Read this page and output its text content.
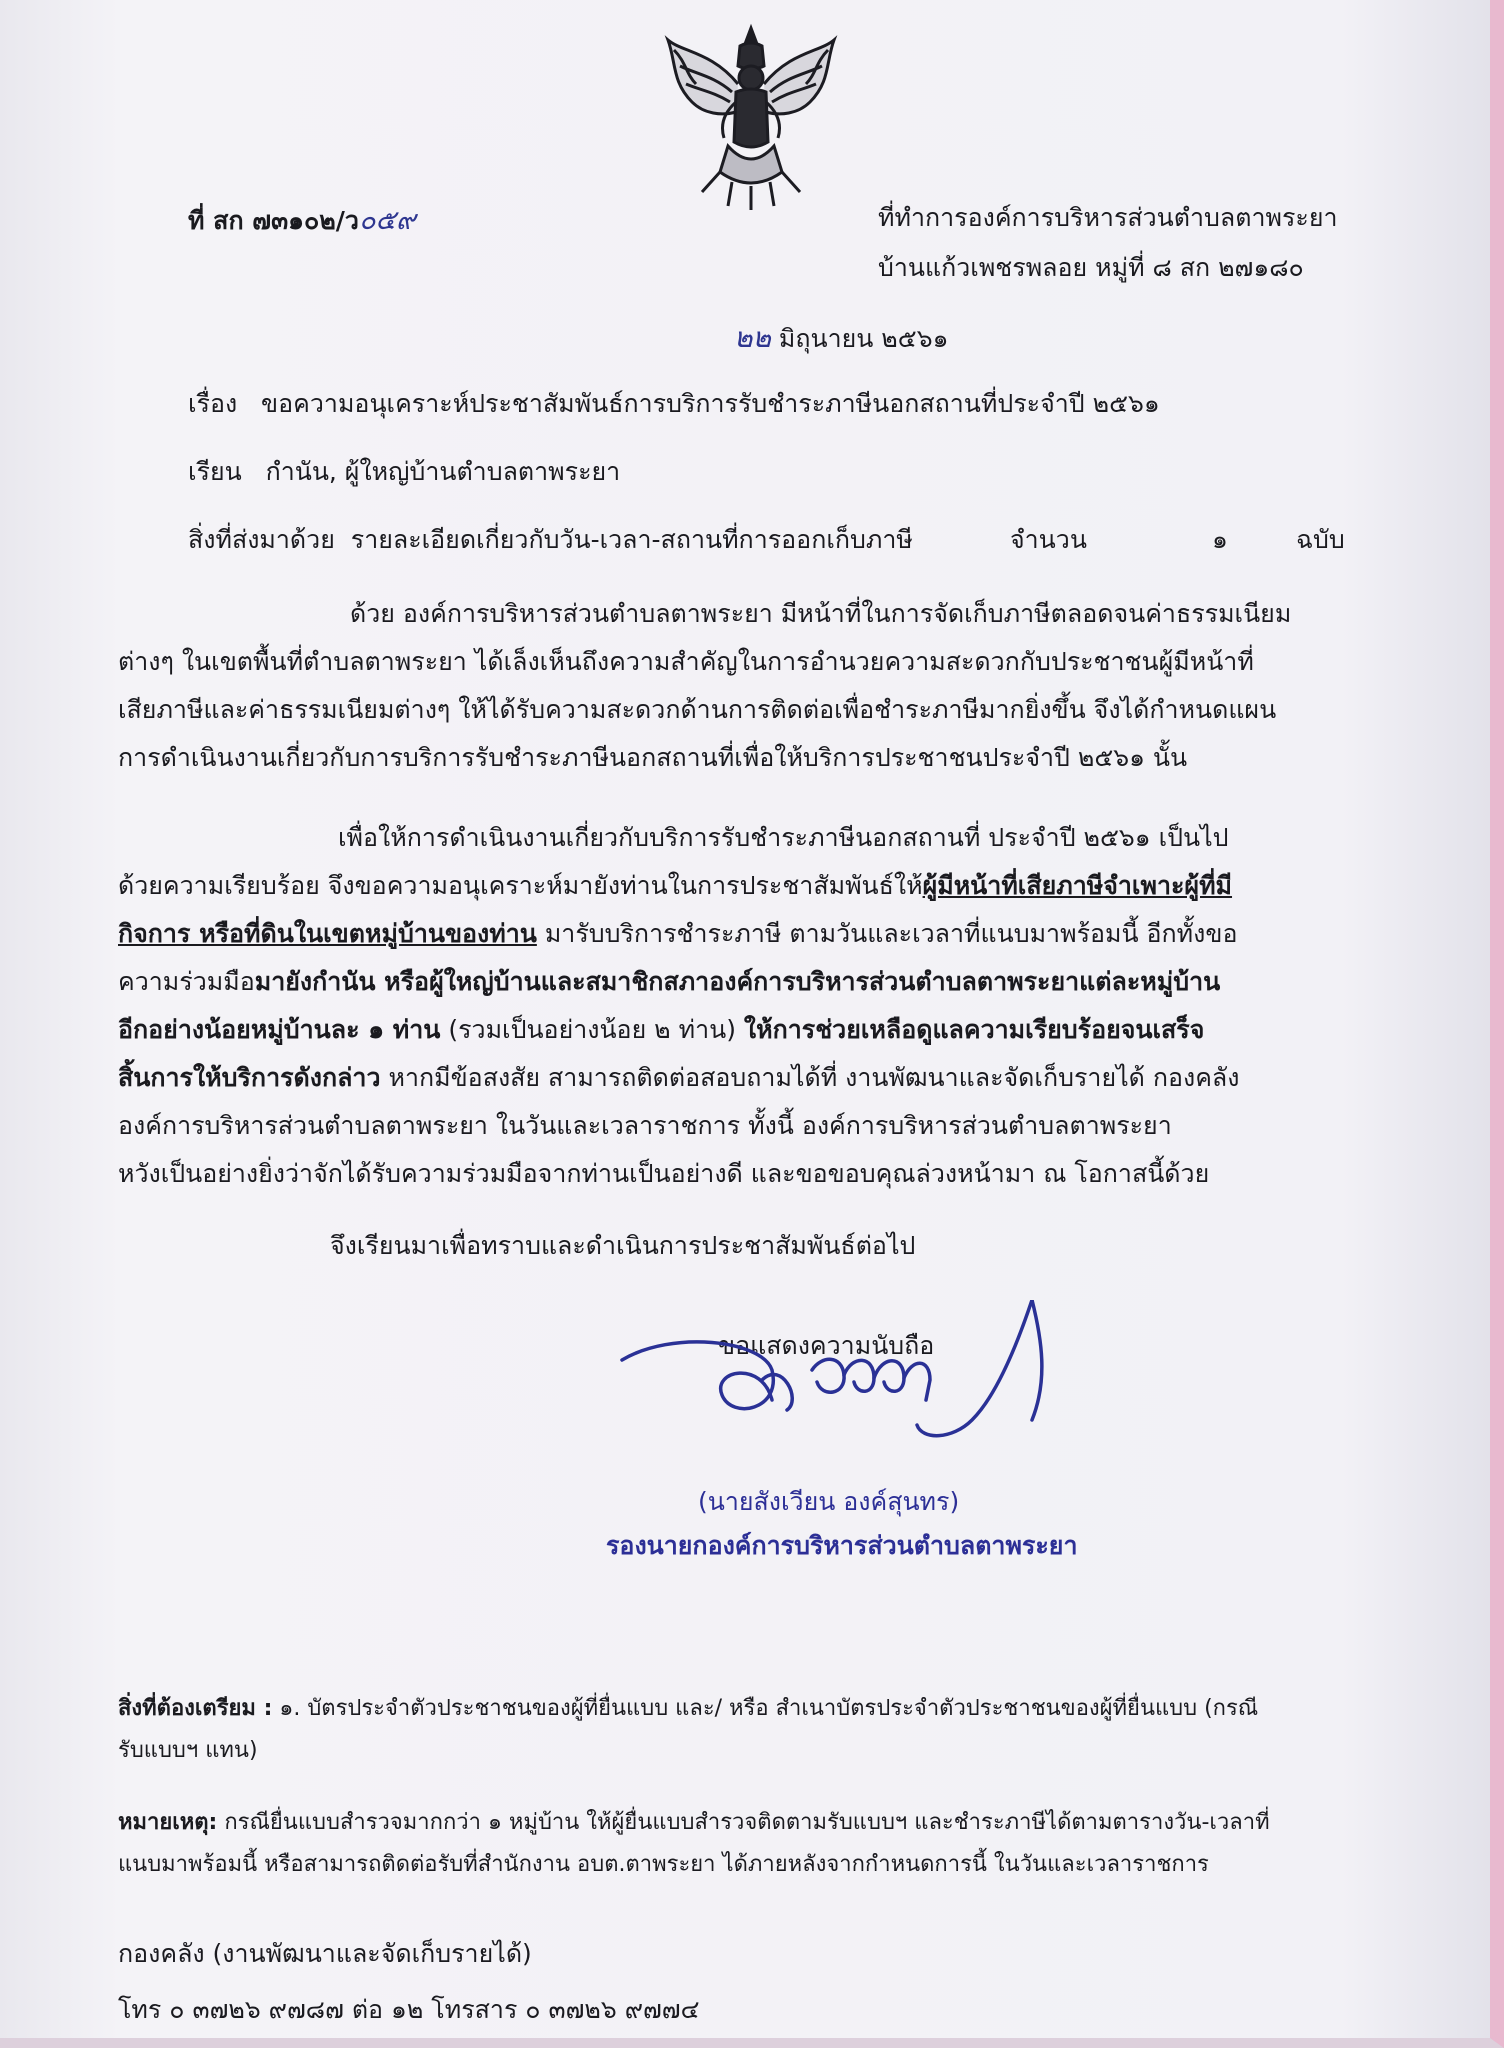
ที่ สก ๗๓๑๐๒/ว๐๕๙	ที่ทำการองค์การบริหารส่วนตำบลตาพระยา
บ้านแก้วเพชรพลอย หมู่ที่ ๘ สก ๒๗๑๘๐
๒๒ มิถุนายน ๒๕๖๑
เรื่อง ขอความอนุเคราะห์ประชาสัมพันธ์การบริการรับชำระภาษีนอกสถานที่ประจำปี ๒๕๖๑
เรียน กำนัน, ผู้ใหญ่บ้านตำบลตาพระยา
สิ่งที่ส่งมาด้วย รายละเอียดเกี่ยวกับวัน-เวลา-สถานที่การออกเก็บภาษี	จำนวน	๑	ฉบับ
ด้วย องค์การบริหารส่วนตำบลตาพระยา มีหน้าที่ในการจัดเก็บภาษีตลอดจนค่าธรรมเนียม
ต่างๆ ในเขตพื้นที่ตำบลตาพระยา ได้เล็งเห็นถึงความสำคัญในการอำนวยความสะดวกกับประชาชนผู้มีหน้าที่
เสียภาษีและค่าธรรมเนียมต่างๆ ให้ได้รับความสะดวกด้านการติดต่อเพื่อชำระภาษีมากยิ่งขึ้น จึงได้กำหนดแผน
การดำเนินงานเกี่ยวกับการบริการรับชำระภาษีนอกสถานที่เพื่อให้บริการประชาชนประจำปี ๒๕๖๑ นั้น
เพื่อให้การดำเนินงานเกี่ยวกับบริการรับชำระภาษีนอกสถานที่ ประจำปี ๒๕๖๑ เป็นไป
ด้วยความเรียบร้อย จึงขอความอนุเคราะห์มายังท่านในการประชาสัมพันธ์ให้ผู้มีหน้าที่เสียภาษีจำเพาะผู้ที่มี
กิจการ หรือที่ดินในเขตหมู่บ้านของท่าน มารับบริการชำระภาษี ตามวันและเวลาที่แนบมาพร้อมนี้ อีกทั้งขอ
ความร่วมมือมายังกำนัน หรือผู้ใหญ่บ้านและสมาชิกสภาองค์การบริหารส่วนตำบลตาพระยาแต่ละหมู่บ้าน
อีกอย่างน้อยหมู่บ้านละ ๑ ท่าน (รวมเป็นอย่างน้อย ๒ ท่าน) ให้การช่วยเหลือดูแลความเรียบร้อยจนเสร็จ
สิ้นการให้บริการดังกล่าว หากมีข้อสงสัย สามารถติดต่อสอบถามได้ที่ งานพัฒนาและจัดเก็บรายได้ กองคลัง
องค์การบริหารส่วนตำบลตาพระยา ในวันและเวลาราชการ ทั้งนี้ องค์การบริหารส่วนตำบลตาพระยา
หวังเป็นอย่างยิ่งว่าจักได้รับความร่วมมือจากท่านเป็นอย่างดี และขอขอบคุณล่วงหน้ามา ณ โอกาสนี้ด้วย
จึงเรียนมาเพื่อทราบและดำเนินการประชาสัมพันธ์ต่อไป
ขอแสดงความนับถือ
(นายสังเวียน องค์สุนทร)
รองนายกองค์การบริหารส่วนตำบลตาพระยา
สิ่งที่ต้องเตรียม : ๑. บัตรประจำตัวประชาชนของผู้ที่ยื่นแบบ และ/ หรือ สำเนาบัตรประจำตัวประชาชนของผู้ที่ยื่นแบบ (กรณี
รับแบบฯ แทน)
หมายเหตุ: กรณียื่นแบบสำรวจมากกว่า ๑ หมู่บ้าน ให้ผู้ยื่นแบบสำรวจติดตามรับแบบฯ และชำระภาษีได้ตามตารางวัน-เวลาที่
แนบมาพร้อมนี้ หรือสามารถติดต่อรับที่สำนักงาน อบต.ตาพระยา ได้ภายหลังจากกำหนดการนี้ ในวันและเวลาราชการ
กองคลัง (งานพัฒนาและจัดเก็บรายได้)
โทร ๐ ๓๗๒๖ ๙๗๘๗ ต่อ ๑๒ โทรสาร ๐ ๓๗๒๖ ๙๗๗๔
